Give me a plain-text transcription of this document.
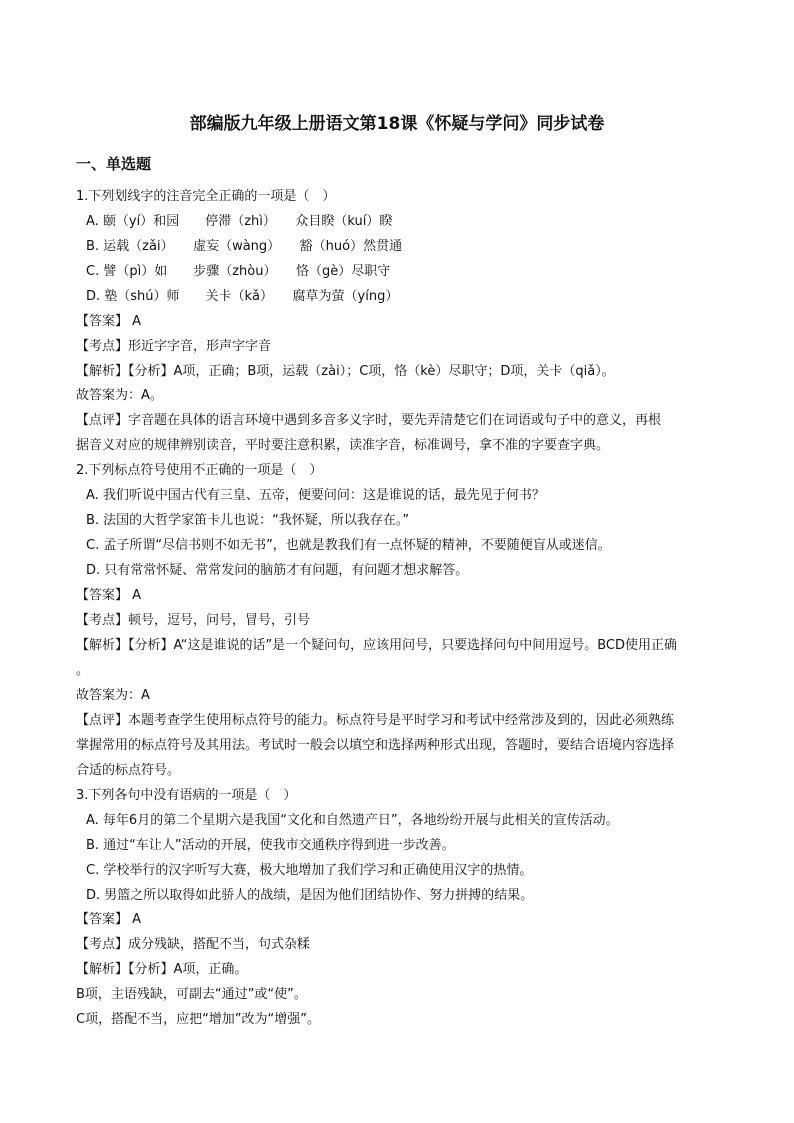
部编版九年级上册语文第18课《怀疑与学问》同步试卷
一、单选题
1.下列划线字的注音完全正确的一项是（　）
A. 颐（yí）和园　　停滞（zhì）　　众目睽（kuí）睽
B. 运载（zǎi）　　虚妄（wàng）　　豁（huó）然贯通
C. 譬（pì）如　　步骤（zhòu）　　恪（gè）尽职守
D. 塾（shú）师　　关卡（kǎ）　　腐草为萤（yíng）
【答案】 A
【考点】形近字字音，形声字字音
【解析】【分析】A项，正确；B项，运载（zài）；C项，恪（kè）尽职守；D项，关卡（qiǎ）。
故答案为：A。
【点评】字音题在具体的语言环境中遇到多音多义字时，要先弄清楚它们在词语或句子中的意义，再根
据音义对应的规律辨别读音，平时要注意积累，读准字音，标准调号，拿不准的字要查字典。
2.下列标点符号使用不正确的一项是（　）
A. 我们听说中国古代有三皇、五帝，便要问问：这是谁说的话，最先见于何书？
B. 法国的大哲学家笛卡儿也说：“我怀疑，所以我存在。”
C. 孟子所谓“尽信书则不如无书”，也就是教我们有一点怀疑的精神，不要随便盲从或迷信。
D. 只有常常怀疑、常常发问的脑筋才有问题，有问题才想求解答。
【答案】 A
【考点】顿号，逗号，问号，冒号，引号
【解析】【分析】A“这是谁说的话”是一个疑问句，应该用问号，只要选择问句中间用逗号。BCD使用正确
。
故答案为：A
【点评】本题考查学生使用标点符号的能力。标点符号是平时学习和考试中经常涉及到的，因此必须熟练
掌握常用的标点符号及其用法。考试时一般会以填空和选择两种形式出现，答题时，要结合语境内容选择
合适的标点符号。
3.下列各句中没有语病的一项是（　）
A. 每年6月的第二个星期六是我国“文化和自然遗产日”，各地纷纷开展与此相关的宣传活动。
B. 通过“车让人”活动的开展，使我市交通秩序得到进一步改善。
C. 学校举行的汉字听写大赛，极大地增加了我们学习和正确使用汉字的热情。
D. 男篮之所以取得如此骄人的战绩，是因为他们团结协作、努力拼搏的结果。
【答案】 A
【考点】成分残缺，搭配不当，句式杂糅
【解析】【分析】A项，正确。
B项，主语残缺，可副去“通过”或“使”。
C项，搭配不当，应把“增加”改为“增强”。
